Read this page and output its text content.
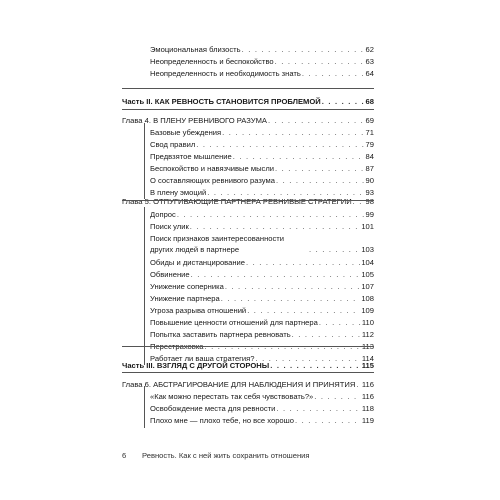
Эмоциональная близость . . .	62
Неопределенность и беспокойство . . .	63
Неопределенность и необходимость знать . . .	64
Часть II. КАК РЕВНОСТЬ СТАНОВИТСЯ ПРОБЛЕМОЙ . . .	68
Глава 4. В ПЛЕНУ РЕВНИВОГО РАЗУМА . . .	69
Базовые убеждения . . .	71
Свод правил . . .	79
Предвзятое мышление . . .	84
Беспокойство и навязчивые мысли . . .	87
О составляющих ревнивого разума . . .	90
В плену эмоций . . .	93
Глава 5. ОТПУГИВАЮЩИЕ ПАРТНЕРА РЕВНИВЫЕ СТРАТЕГИИ . . . 98
Допрос . . .	99
Поиск улик . . .	101
Поиск признаков заинтересованности других людей в партнере . . .	103
Обиды и дистанцирование . . .	104
Обвинение . . .	105
Унижение соперника . . .	107
Унижение партнера . . .	108
Угроза разрыва отношений . . .	109
Повышение ценности отношений для партнера . . .	110
Попытка заставить партнера ревновать . . .	112
Перестраховка . . .	113
Работает ли ваша стратегия? . . .	114
Часть III. ВЗГЛЯД С ДРУГОЙ СТОРОНЫ . . .	115
Глава 6. АБСТРАГИРОВАНИЕ ДЛЯ НАБЛЮДЕНИЯ И ПРИНЯТИЯ . . . 116
«Как можно перестать так себя чувствовать?» . . .	116
Освобождение места для ревности . . .	118
Плохо мне — плохо тебе, но все хорошо . . .	119
6 Ревность. Как с ней жить сохранить отношения
